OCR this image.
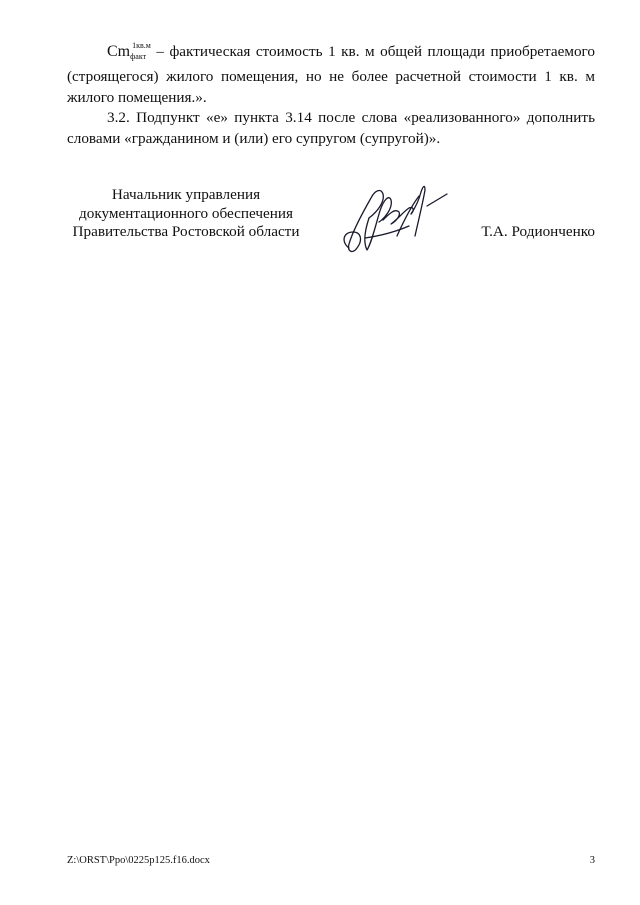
Cmфакт$^{1кв.м}$ – фактическая стоимость 1 кв. м общей площади приобретаемого (строящегося) жилого помещения, но не более расчетной стоимости 1 кв. м жилого помещения.».

3.2. Подпункт «е» пункта 3.14 после слова «реализованного» дополнить словами «гражданином и (или) его супругом (супругой)».

Начальник управления
документационного обеспечения
Правительства Ростовской области	Т.А. Родионченко
Z:\ORST\Ppo\0225p125.f16.docx	3
